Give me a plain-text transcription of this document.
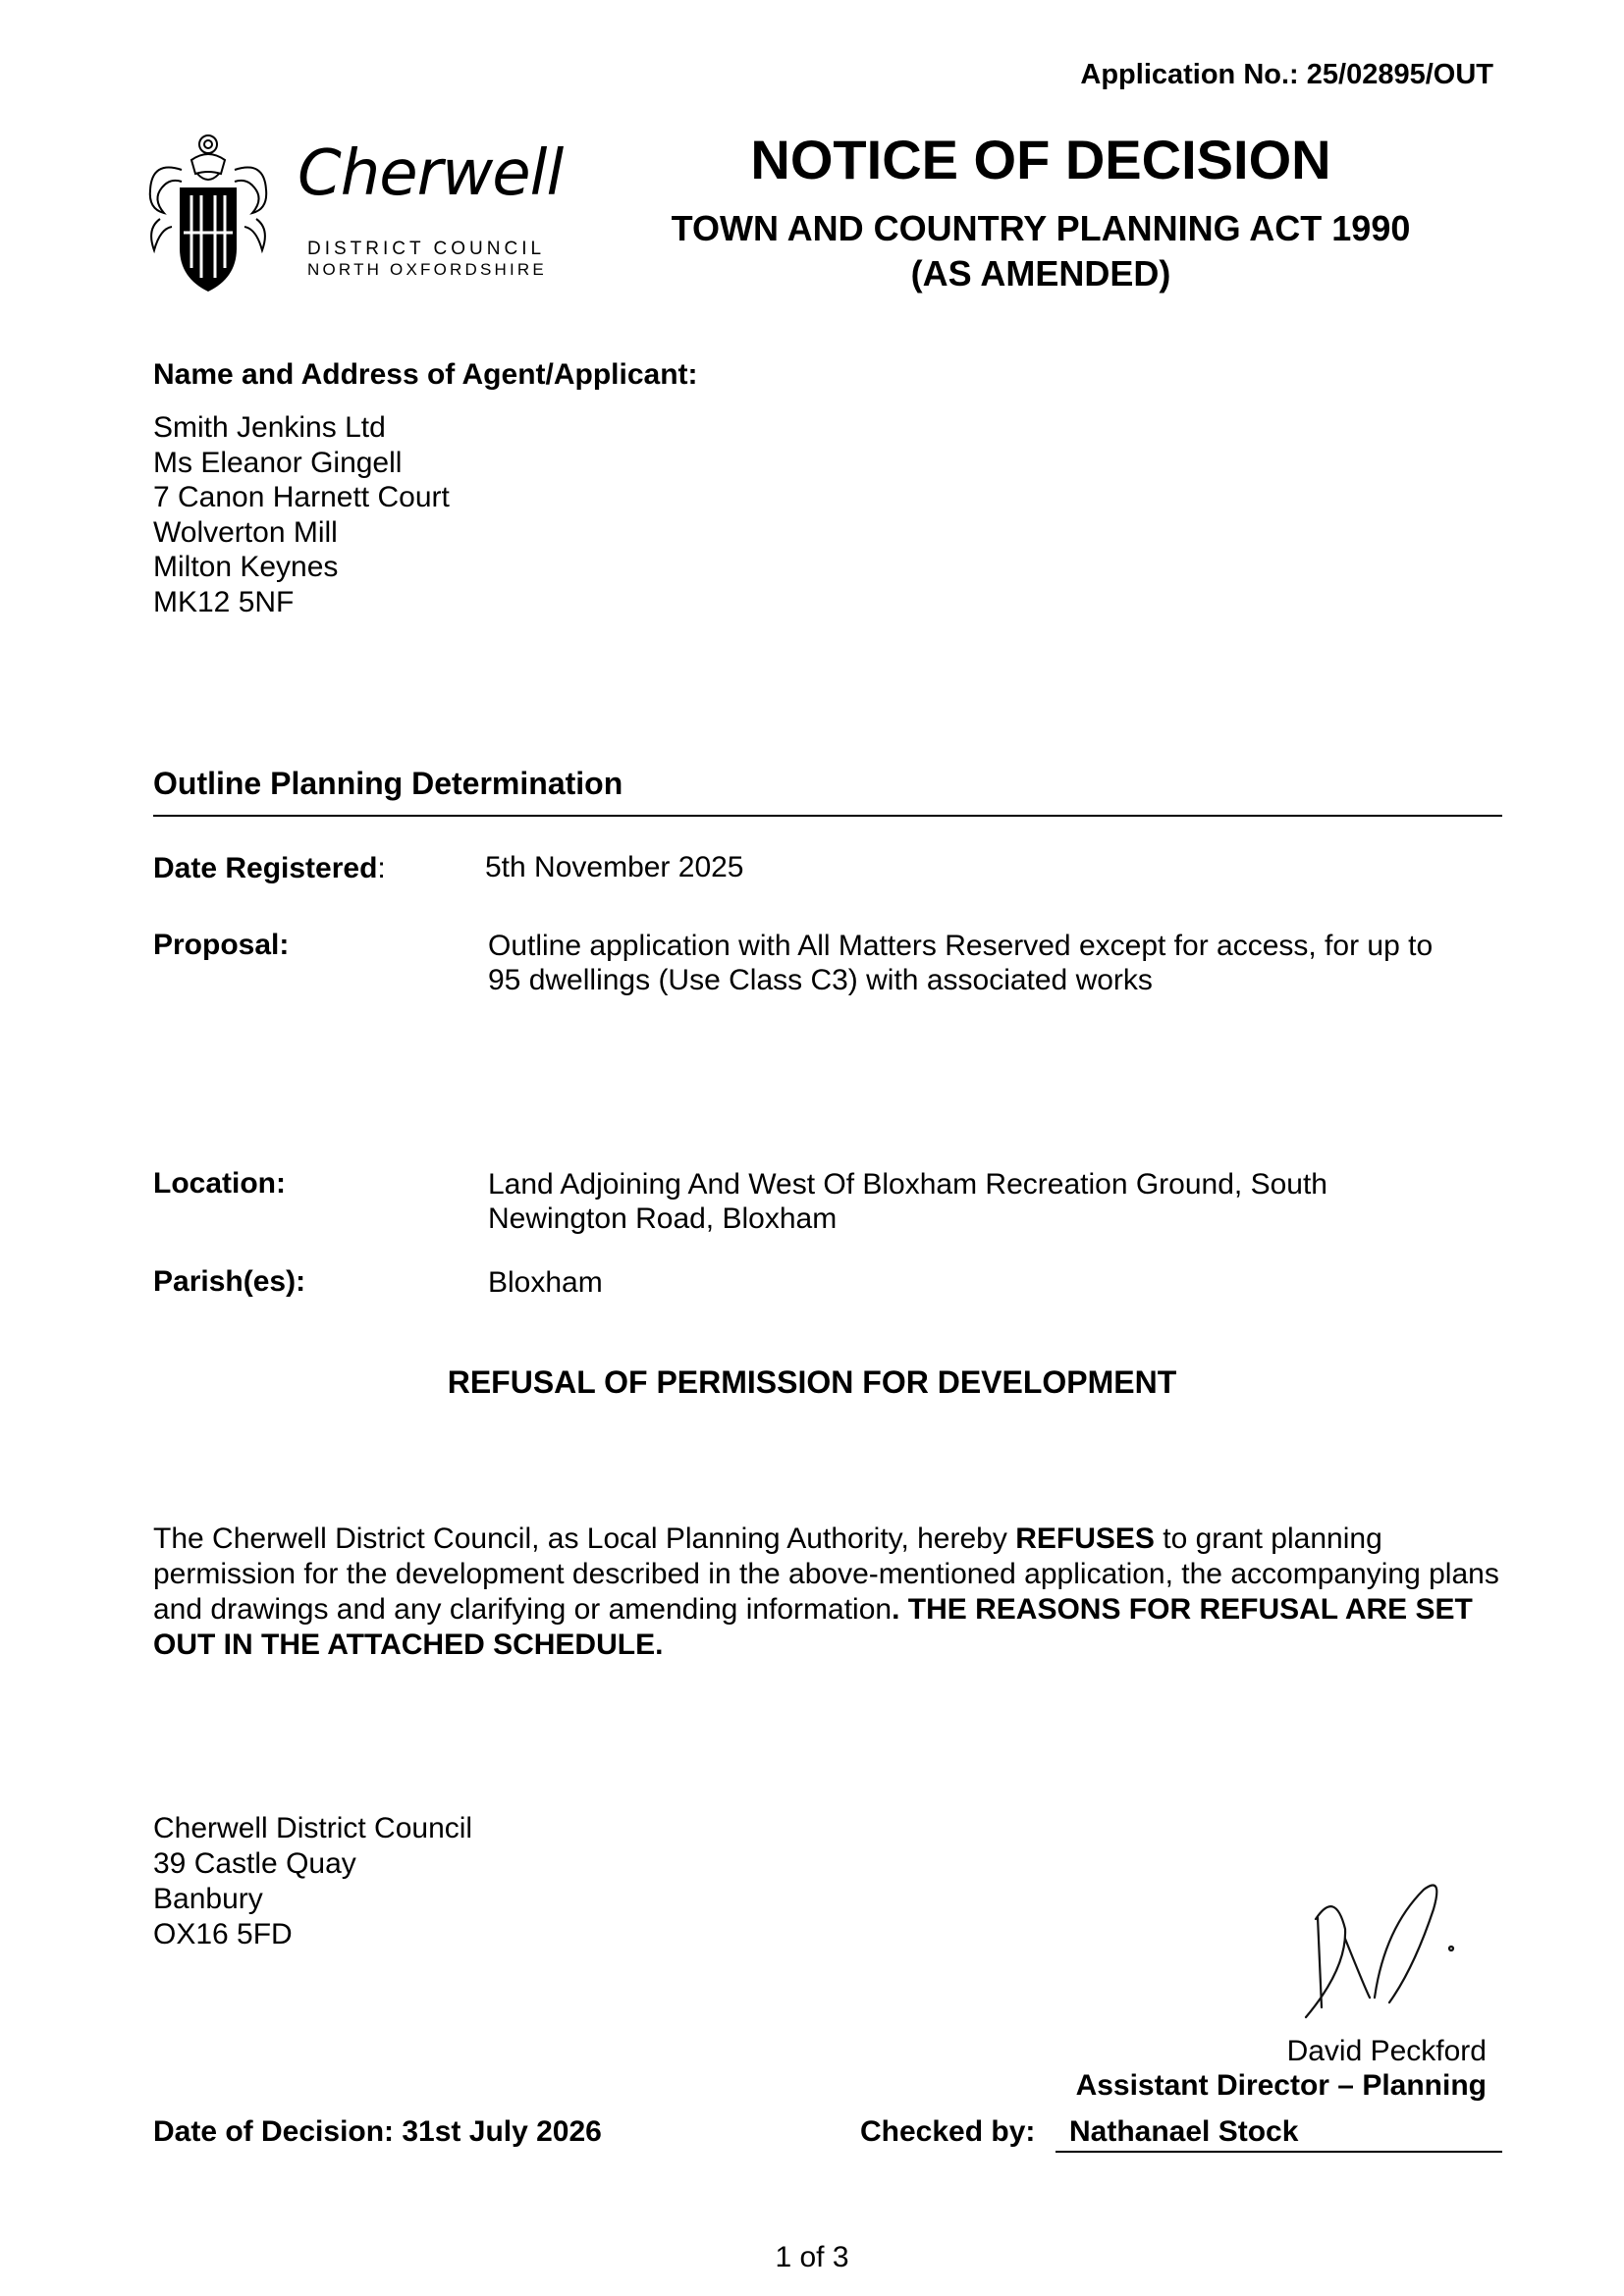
Application No.: 25/02895/OUT
Cherwell
DISTRICT COUNCIL
NORTH OXFORDSHIRE
NOTICE OF DECISION
TOWN AND COUNTRY PLANNING ACT 1990
(AS AMENDED)
Name and Address of Agent/Applicant:
Smith Jenkins Ltd
Ms Eleanor Gingell
7 Canon Harnett Court
Wolverton Mill
Milton Keynes
MK12 5NF
Outline Planning Determination
Date Registered:	5th November 2025
Proposal:	Outline application with All Matters Reserved except for access, for up to 95 dwellings (Use Class C3) with associated works
Location:	Land Adjoining And West Of Bloxham Recreation Ground, South Newington Road, Bloxham
Parish(es):	Bloxham
REFUSAL OF PERMISSION FOR DEVELOPMENT
The Cherwell District Council, as Local Planning Authority, hereby REFUSES to grant planning permission for the development described in the above-mentioned application, the accompanying plans and drawings and any clarifying or amending information. THE REASONS FOR REFUSAL ARE SET OUT IN THE ATTACHED SCHEDULE.
Cherwell District Council
39 Castle Quay
Banbury
OX16 5FD
David Peckford
Assistant Director – Planning
Date of Decision: 31st July 2026	Checked by:	Nathanael Stock
1 of 3
